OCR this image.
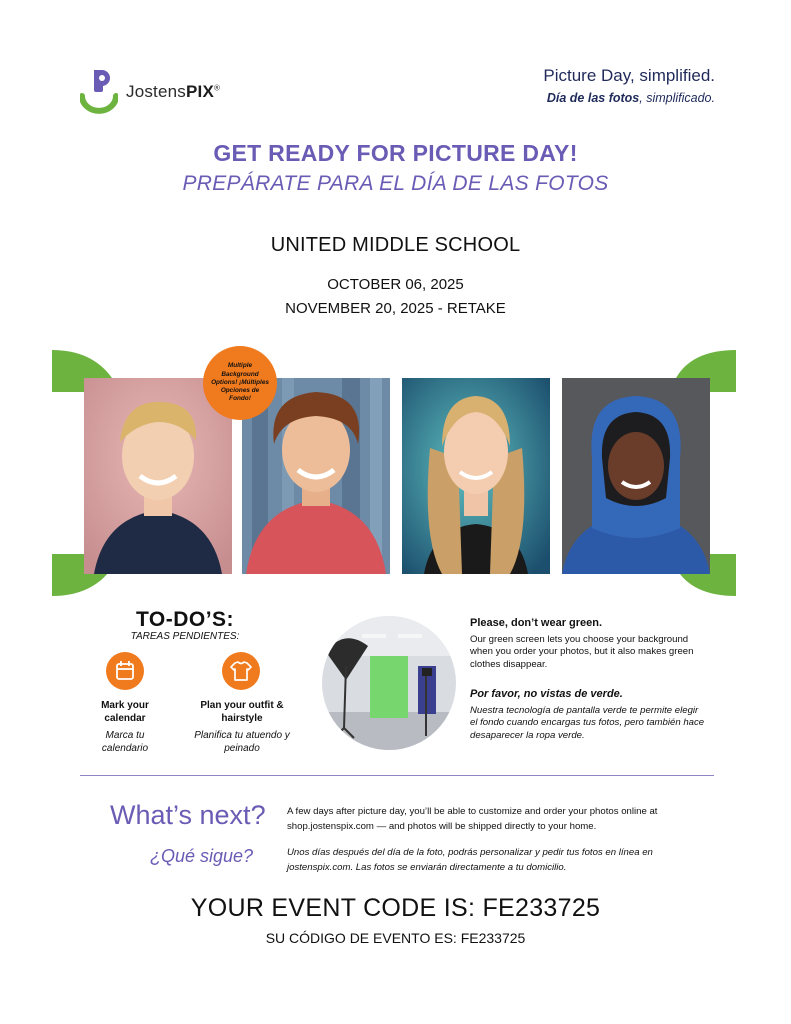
JostensPIX®
Picture Day, simplified.
Día de las fotos, simplificado.
GET READY FOR PICTURE DAY!
PREPÁRATE PARA EL DÍA DE LAS FOTOS
UNITED MIDDLE SCHOOL
OCTOBER 06, 2025
NOVEMBER 20, 2025 - RETAKE
Multiple Background Options! ¡Múltiples Opciones de Fondo!
TO-DO’S:
TAREAS PENDIENTES:
Mark your calendar
Marca tu calendario
Plan your outfit & hairstyle
Planifica tu atuendo y peinado
Please, don’t wear green.
Our green screen lets you choose your background when you order your photos, but it also makes green clothes disappear.
Por favor, no vistas de verde.
Nuestra tecnología de pantalla verde te permite elegir el fondo cuando encargas tus fotos, pero también hace desaparecer la ropa verde.
What’s next?
¿Qué sigue?
A few days after picture day, you’ll be able to customize and order your photos online at shop.jostenspix.com — and photos will be shipped directly to your home.
Unos días después del día de la foto, podrás personalizar y pedir tus fotos en línea en jostenspix.com. Las fotos se enviarán directamente a tu domicilio.
YOUR EVENT CODE IS: FE233725
SU CÓDIGO DE EVENTO ES: FE233725
